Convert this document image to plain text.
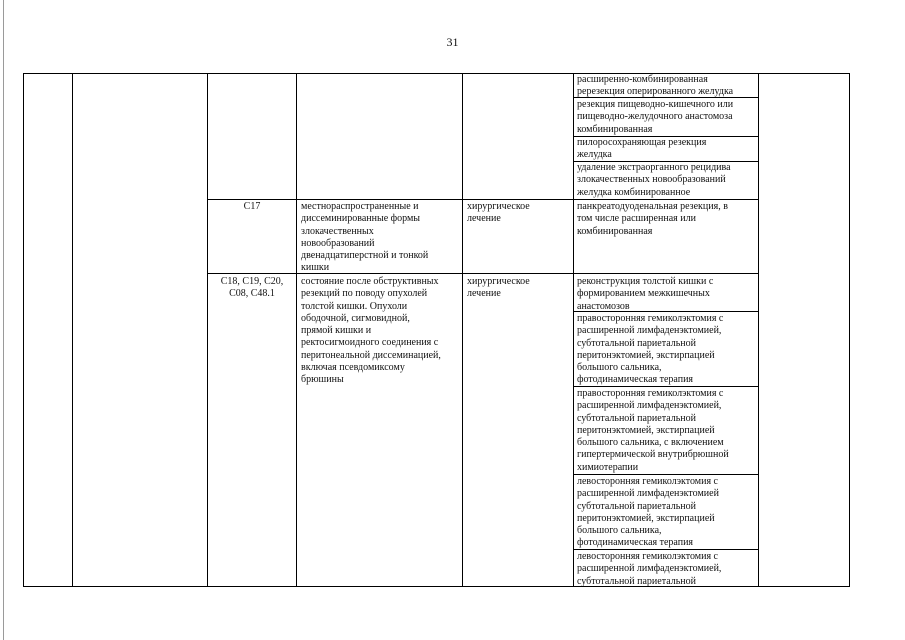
31
расширенно-комбинированная
ререзекция оперированного желудка
резекция пищеводно-кишечного или
пищеводно-желудочного анастомоза
комбинированная
пилоросохраняющая резекция
желудка
удаление экстраорганного рецидива
злокачественных новообразований
желудка комбинированное
C17	местнораспространенные и
диссеминированные формы
злокачественных
новообразований
двенадцатиперстной и тонкой
кишки
хирургическое
лечение
панкреатодуоденальная резекция, в
том числе расширенная или
комбинированная
C18, C19, C20,
C08, C48.1
состояние после обструктивных
резекций по поводу опухолей
толстой кишки. Опухоли
ободочной, сигмовидной,
прямой кишки и
ректосигмоидного соединения с
перитонеальной диссеминацией,
включая псевдомиксому
брюшины
хирургическое
лечение
реконструкция толстой кишки с
формированием межкишечных
анастомозов
правосторонняя гемиколэктомия с
расширенной лимфаденэктомией,
субтотальной париетальной
перитонэктомией, экстирпацией
большого сальника,
фотодинамическая терапия
правосторонняя гемиколэктомия с
расширенной лимфаденэктомией,
субтотальной париетальной
перитонэктомией, экстирпацией
большого сальника, с включением
гипертермической внутрибрюшной
химиотерапии
левосторонняя гемиколэктомия с
расширенной лимфаденэктомией
субтотальной париетальной
перитонэктомией, экстирпацией
большого сальника,
фотодинамическая терапия
левосторонняя гемиколэктомия с
расширенной лимфаденэктомией,
субтотальной париетальной
